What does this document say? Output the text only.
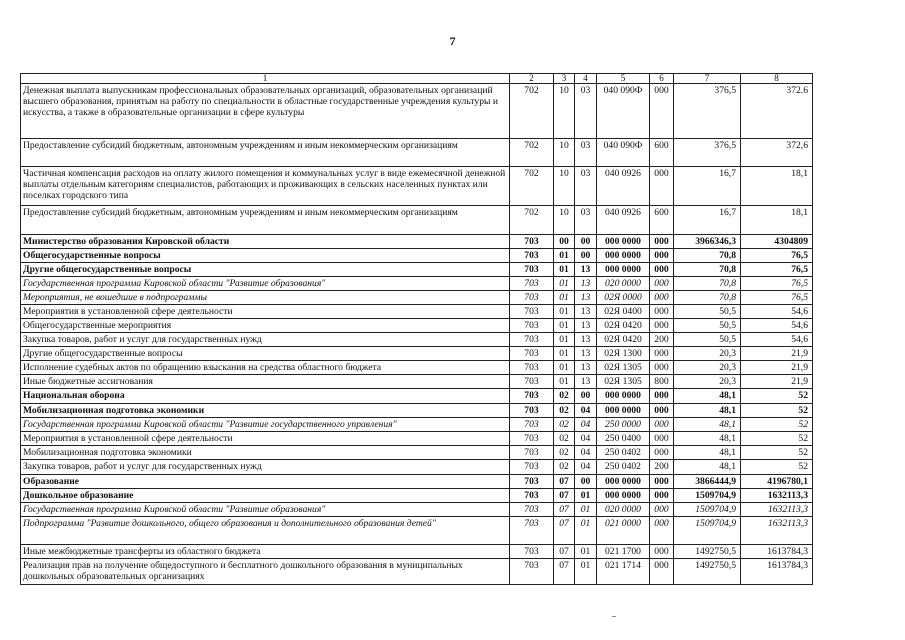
7
1	2	3	4	5	6	7	8
Денежная выплата выпускникам профессиональных образовательных организаций, образовательных организаций высшего образования, принятым на работу по специальности в областные государственные учреждения культуры и искусства, а также в образовательные организации в сфере культуры	702	10	03	040 090Ф	000	376,5	372.6
Предоставление субсидий бюджетным, автономным учреждениям и иным некоммерческим организациям	702	10	03	040 090Ф	600	376,5	372,6
Частичная компенсация расходов на оплату жилого помещения и коммунальных услуг в виде ежемесячной денежной выплаты отдельным категориям специалистов, работающих и проживающих в сельских населенных пунктах или поселках городского типа	702	10	03	040 0926	000	16,7	18,1
Предоставление субсидий бюджетным, автономным учреждениям и иным некоммерческим организациям	702	10	03	040 0926	600	16,7	18,1
Министерство образования Кировской области	703	00	00	000 0000	000	3966346,3	4304809
Общегосударственные вопросы	703	01	00	000 0000	000	70,8	76,5
Другие общегосударственные вопросы	703	01	13	000 0000	000	70,8	76,5
Государственная программа Кировской области "Развитие образования"	703	01	13	020 0000	000	70,8	76,5
Мероприятия, не вошедшие в подпрограммы	703	01	13	02Я 0000	000	70,8	76,5
Мероприятия в установленной сфере деятельности	703	01	13	02Я 0400	000	50,5	54,6
Общегосударственные мероприятия	703	01	13	02Я 0420	000	50,5	54,6
Закупка товаров, работ и услуг для государственных нужд	703	01	13	02Я 0420	200	50,5	54,6
Другие общегосударственные вопросы	703	01	13	02Я 1300	000	20,3	21,9
Исполнение судебных актов по обращению взыскания на средства областного бюджета	703	01	13	02Я 1305	000	20,3	21,9
Иные бюджетные ассигнования	703	01	13	02Я 1305	800	20,3	21,9
Национальная оборона	703	02	00	000 0000	000	48,1	52
Мобилизационная подготовка экономики	703	02	04	000 0000	000	48,1	52
Государственная программа Кировской области "Развитие государственного управления"	703	02	04	250 0000	000	48,1	52
Мероприятия в установленной сфере деятельности	703	02	04	250 0400	000	48,1	52
Мобилизационная подготовка экономики	703	02	04	250 0402	000	48,1	52
Закупка товаров, работ и услуг для государственных нужд	703	02	04	250 0402	200	48,1	52
Образование	703	07	00	000 0000	000	3866444,9	4196780,1
Дошкольное образование	703	07	01	000 0000	000	1509704,9	1632113,3
Государственная программа Кировской области "Развитие образования"	703	07	01	020 0000	000	1509704,9	1632113,3
Подпрограмма "Развитие дошкольного, общего образования и дополнительного образования детей"	703	07	01	021 0000	000	1509704,9	1632113,3
Иные межбюджетные трансферты из областного бюджета	703	07	01	021 1700	000	1492750,5	1613784,3
Реализация прав на получение общедоступного и бесплатного дошкольного образования в муниципальных дошкольных образовательных организациях	703	07	01	021 1714	000	1492750,5	1613784,3
